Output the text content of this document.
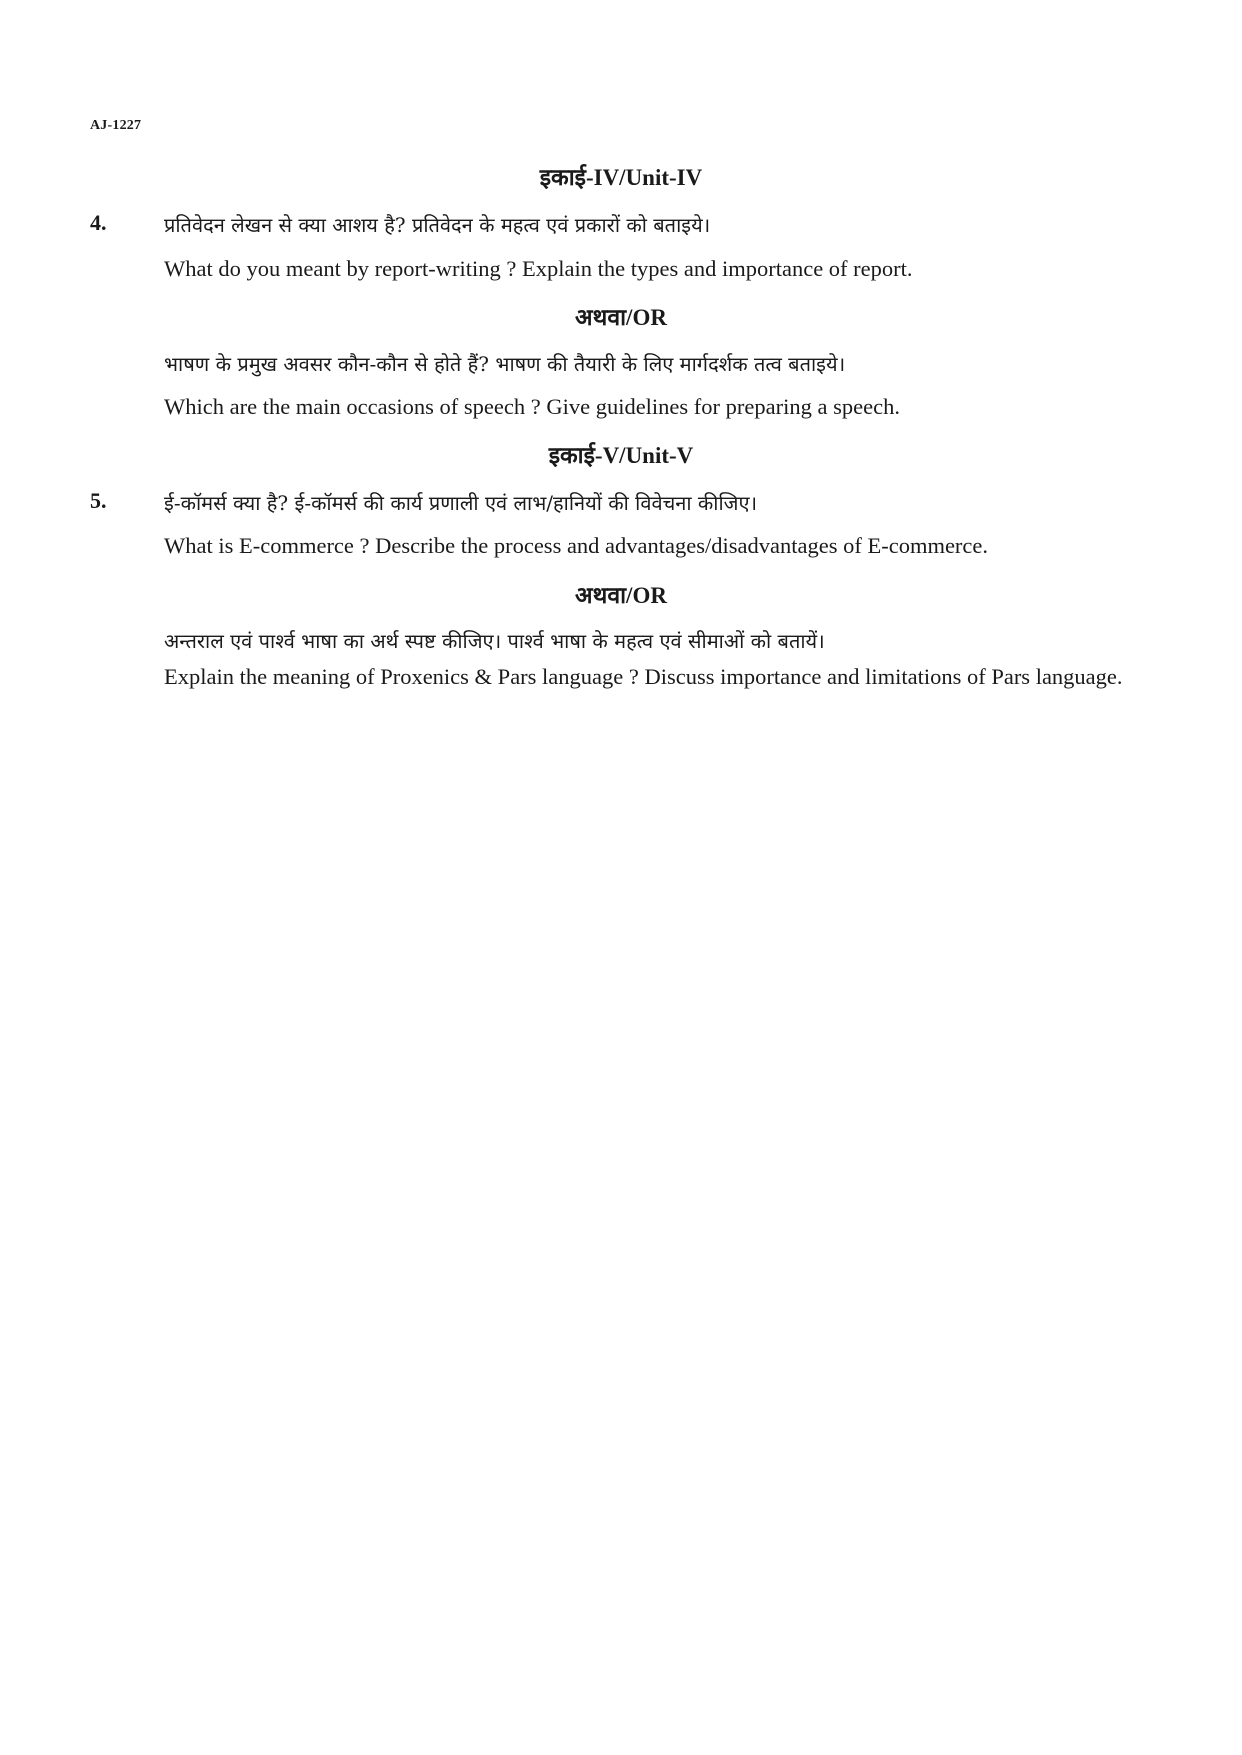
AJ-1227
इकाई-IV/Unit-IV
4.	प्रतिवेदन लेखन से क्या आशय है? प्रतिवेदन के महत्व एवं प्रकारों को बताइये।
What do you meant by report-writing ? Explain the types and importance of report.
अथवा/OR
भाषण के प्रमुख अवसर कौन-कौन से होते हैं? भाषण की तैयारी के लिए मार्गदर्शक तत्व बताइये।
Which are the main occasions of speech ? Give guidelines for preparing a speech.
इकाई-V/Unit-V
5.	ई-कॉमर्स क्या है? ई-कॉमर्स की कार्य प्रणाली एवं लाभ/हानियों की विवेचना कीजिए।
What is E-commerce ? Describe the process and advantages/disadvantages of E-commerce.
अथवा/OR
अन्तराल एवं पार्श्व भाषा का अर्थ स्पष्ट कीजिए। पार्श्व भाषा के महत्व एवं सीमाओं को बतायें।
Explain the meaning of Proxenics & Pars language ? Discuss importance and limitations of Pars language.
